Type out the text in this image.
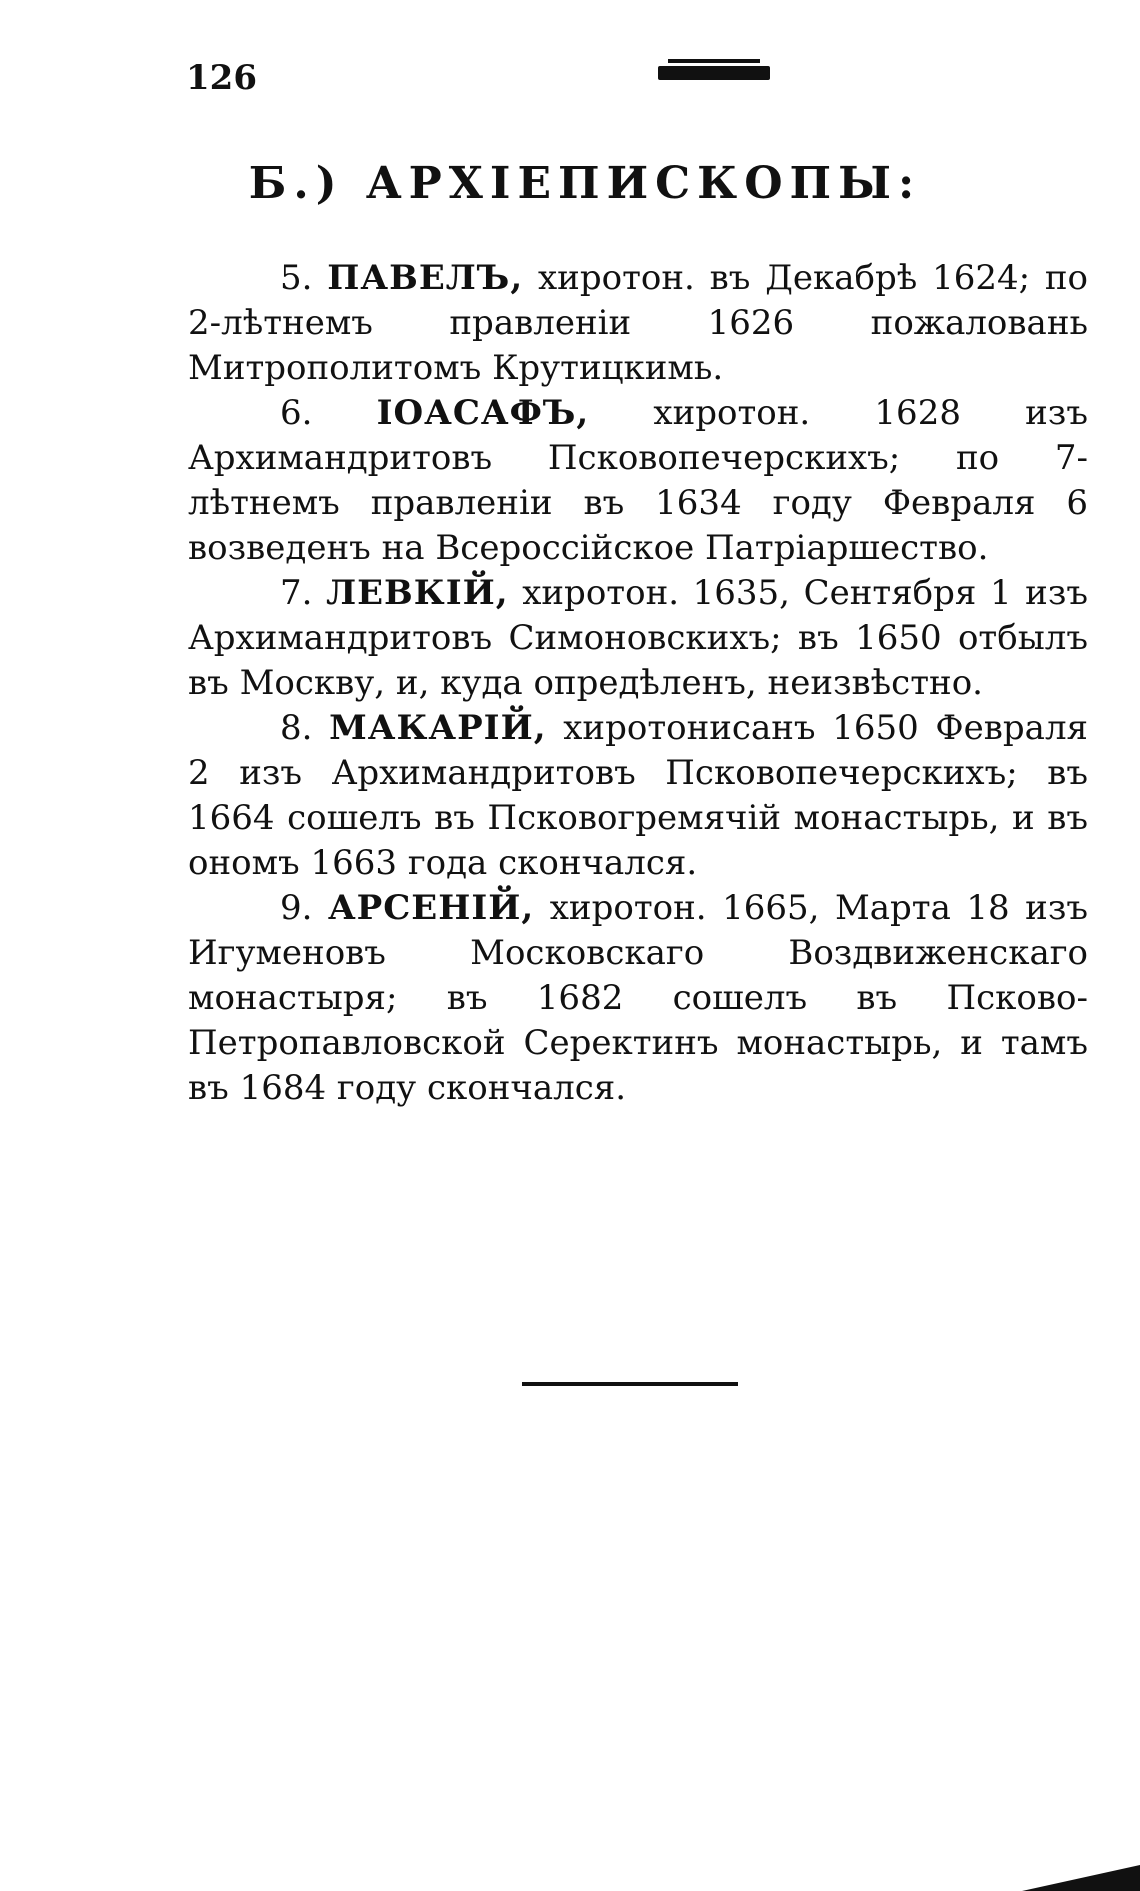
126
Б.) АРХІЕПИСКОПЫ:

5. ПАВЕЛЪ, хиротон. въ Декабрѣ 1624; по 2-лѣтнемъ правленіи 1626 пожаловань Митрополитомъ Крутицкимь.

6. ІОАСАФЪ, хиротон. 1628 изъ Архимандритовъ Псковопечерскихъ; по 7-лѣтнемъ правленіи въ 1634 году Февраля 6 возведенъ на Всероссійское Патріаршество.

7. ЛЕВКІЙ, хиротон. 1635, Сентября 1 изъ Архимандритовъ Симоновскихъ; въ 1650 отбылъ въ Москву, и, куда опредѣленъ, неизвѣстно.

8. МАКАРІЙ, хиротонисанъ 1650 Февраля 2 изъ Архимандритовъ Псковопечерскихъ; въ 1664 сошелъ въ Псковогремячій монастырь, и въ ономъ 1663 года скончался.

9. АРСЕНІЙ, хиротон. 1665, Марта 18 изъ Игуменовъ Московскаго Воздвиженскаго монастыря; въ 1682 сошелъ въ Псково-Петропавловской Серектинъ монастырь, и тамъ въ 1684 году скончался.
